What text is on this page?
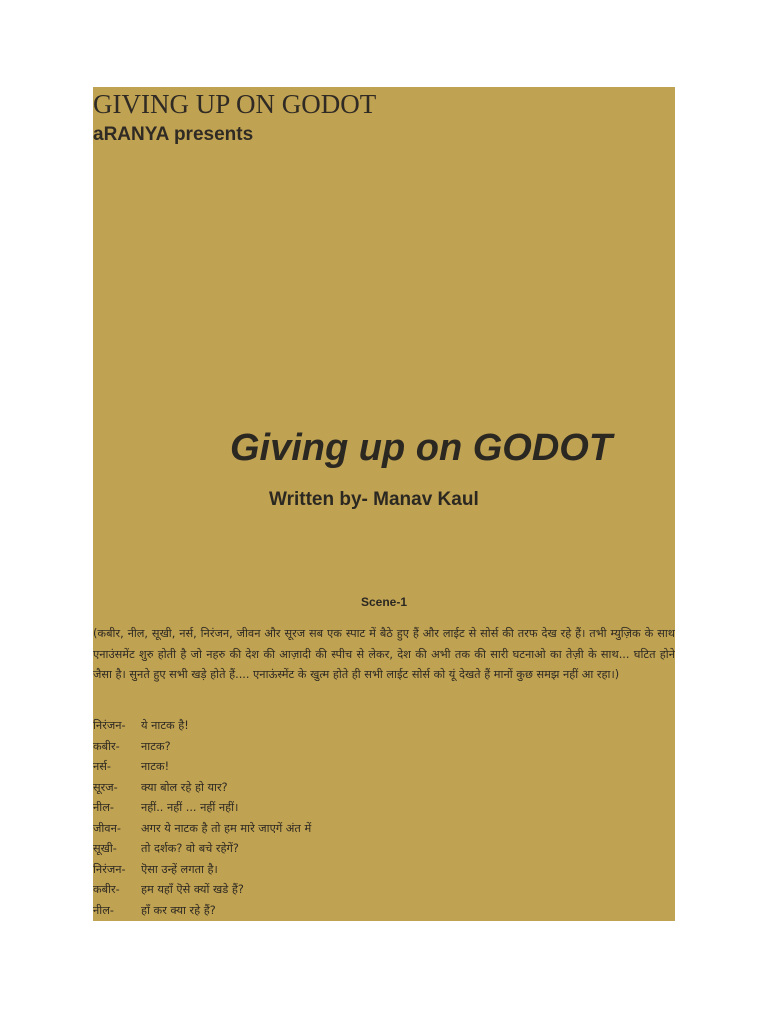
GIVING UP ON GODOT
aRANYA presents
Giving up on GODOT
Written by- Manav Kaul
Scene-1
(कबीर, नील, सूखी, नर्स, निरंजन, जीवन और सूरज सब एक स्पाट में बैठे हुए हैं और लाईट से सोर्स की तरफ देख रहे हैं। तभी म्युज़िक के साथ एनाउंसमेंट शुरु होती है जो नहरु की देश की आज़ादी की स्पीच से लेकर, देश की अभी तक की सारी घटनाओ का तेज़ी के साथ... घटित होने जैसा है। सुनते हुए सभी खड़े होते हैं.... एनाऊंस्मेंट के खुत्म होते ही सभी लाईट सोर्स को यूं देखते हैं मानों कुछ समझ नहीं आ रहा।)
निरंजन- ये नाटक है!
कबीर- नाटक?
नर्स-	नाटक!
सूरज- क्या बोल रहे हो यार?
नील- नहीं.. नहीं ... नहीं नहीं।
जीवन- अगर ये नाटक है तो हम मारे जाएगें अंत में
सूखी- तो दर्शक? वो बचे रहेगें?
निरंजन- ऎसा उन्हें लगता है।
कबीर- हम यहाँ ऎसे क्यों खडे हैं?
नील- हाँ कर क्या रहे हैं?
